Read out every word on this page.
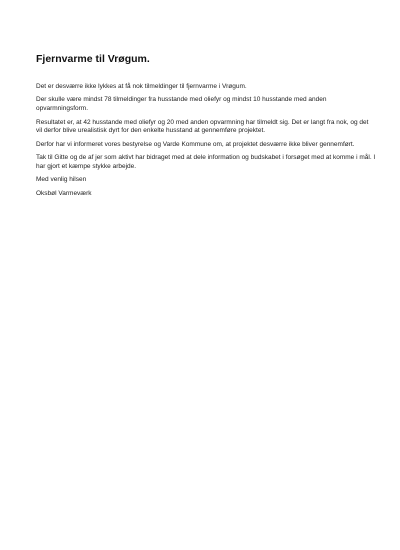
Fjernvarme til Vrøgum.

Det er desværre ikke lykkes at få nok tilmeldinger til fjernvarme i Vrøgum.

Der skulle være mindst 78 tilmeldinger fra husstande med oliefyr og mindst 10 husstande med anden opvarmningsform.

Resultatet er, at 42 husstande med oliefyr og 20 med anden opvarmning har tilmeldt sig. Det er langt fra nok, og det vil derfor blive urealistisk dyrt for den enkelte husstand at gennemføre projektet.

Derfor har vi informeret vores bestyrelse og Varde Kommune om, at projektet desværre ikke bliver gennemført.

Tak til Gitte og de af jer som aktivt har bidraget med at dele information og budskabet i forsøget med at komme i mål. I har gjort et kæmpe stykke arbejde.

Med venlig hilsen

Oksbøl Varmeværk
